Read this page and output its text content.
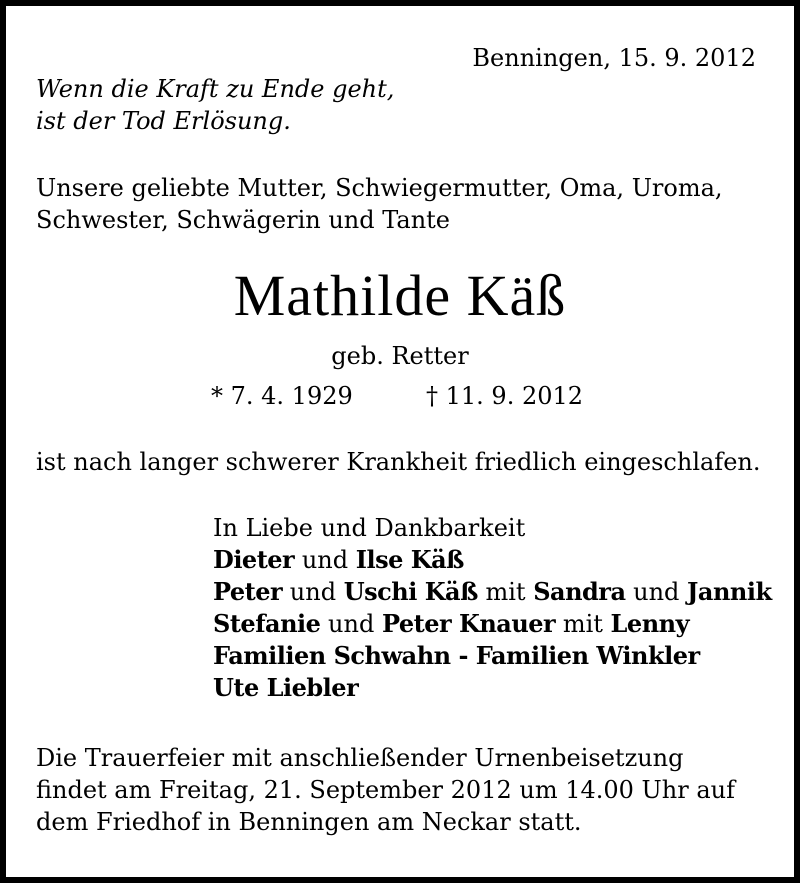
Benningen, 15. 9. 2012

Wenn die Kraft zu Ende geht,
ist der Tod Erlösung.
Unsere geliebte Mutter, Schwiegermutter, Oma, Uroma,
Schwester, Schwägerin und Tante

Mathilde Käß

geb. Retter

* 7. 4. 1929	† 11. 9. 2012

ist nach langer schwerer Krankheit friedlich eingeschlafen.

In Liebe und Dankbarkeit
Dieter und Ilse Käß
Peter und Uschi Käß mit Sandra und Jannik
Stefanie und Peter Knauer mit Lenny
Familien Schwahn - Familien Winkler
Ute Liebler
Die Trauerfeier mit anschließender Urnenbeisetzung
findet am Freitag, 21. September 2012 um 14.00 Uhr auf
dem Friedhof in Benningen am Neckar statt.
